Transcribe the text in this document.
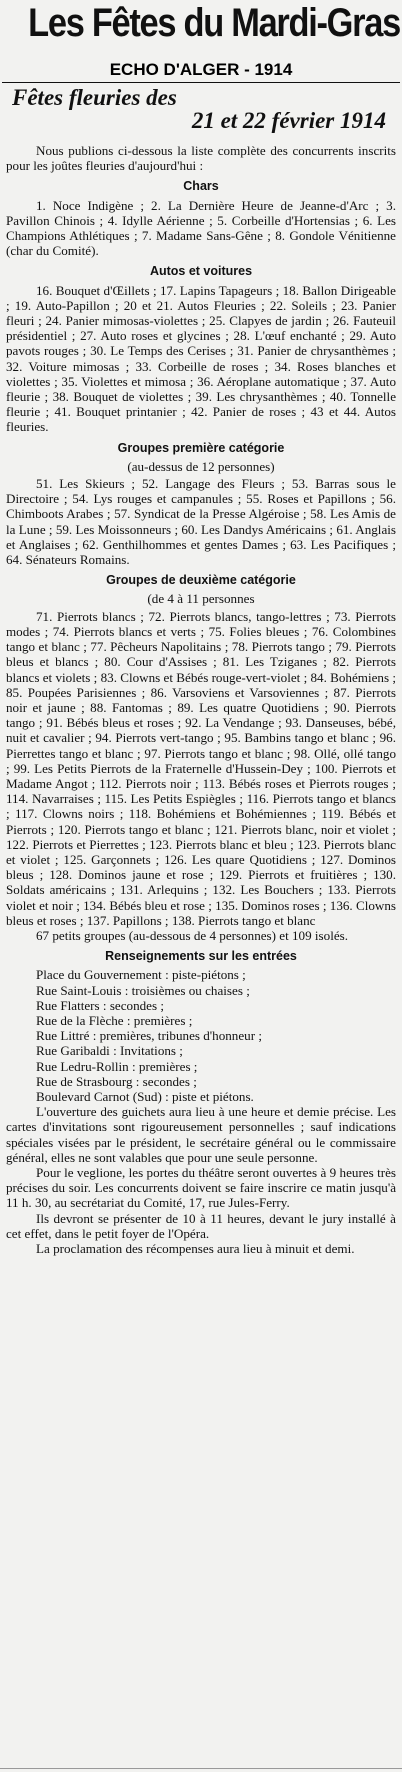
Les Fêtes du Mardi-Gras
ECHO D'ALGER - 1914
Fêtes fleuries des
21 et 22 février 1914

Nous publions ci-dessous la liste complète des concurrents inscrits pour les joûtes fleuries d'aujourd'hui :

Chars

1. Noce Indigène ; 2. La Dernière Heure de Jeanne-d'Arc ; 3. Pavillon Chinois ; 4. Idylle Aérienne ; 5. Corbeille d'Hortensias ; 6. Les Champions Athlétiques ; 7. Madame Sans-Gêne ; 8. Gondole Vénitienne (char du Comité).

Autos et voitures

16. Bouquet d'Œillets ; 17. Lapins Tapageurs ; 18. Ballon Dirigeable ; 19. Auto-Papillon ; 20 et 21. Autos Fleuries ; 22. Soleils ; 23. Panier fleuri ; 24. Panier mimosas-violettes ; 25. Clapyes de jardin ; 26. Fauteuil présidentiel ; 27. Auto roses et glycines ; 28. L'œuf enchanté ; 29. Auto pavots rouges ; 30. Le Temps des Cerises ; 31. Panier de chrysanthèmes ; 32. Voiture mimosas ; 33. Corbeille de roses ; 34. Roses blanches et violettes ; 35. Violettes et mimosa ; 36. Aéroplane automatique ; 37. Auto fleurie ; 38. Bouquet de violettes ; 39. Les chrysanthèmes ; 40. Tonnelle fleurie ; 41. Bouquet printanier ; 42. Panier de roses ; 43 et 44. Autos fleuries.

Groupes première catégorie
(au-dessus de 12 personnes)

51. Les Skieurs ; 52. Langage des Fleurs ; 53. Barras sous le Directoire ; 54. Lys rouges et campanules ; 55. Roses et Papillons ; 56. Chimboots Arabes ; 57. Syndicat de la Presse Algéroise ; 58. Les Amis de la Lune ; 59. Les Moissonneurs ; 60. Les Dandys Américains ; 61. Anglais et Anglaises ; 62. Genthilhommes et gentes Dames ; 63. Les Pacifiques ; 64. Sénateurs Romains.

Groupes de deuxième catégorie
(de 4 à 11 personnes

71. Pierrots blancs ; 72. Pierrots blancs, tango-lettres ; 73. Pierrots modes ; 74. Pierrots blancs et verts ; 75. Folies bleues ; 76. Colombines tango et blanc ; 77. Pêcheurs Napolitains ; 78. Pierrots tango ; 79. Pierrots bleus et blancs ; 80. Cour d'Assises ; 81. Les Tziganes ; 82. Pierrots blancs et violets ; 83. Clowns et Bébés rouge-vert-violet ; 84. Bohémiens ; 85. Poupées Parisiennes ; 86. Varsoviens et Varsoviennes ; 87. Pierrots noir et jaune ; 88. Fantomas ; 89. Les quatre Quotidiens ; 90. Pierrots tango ; 91. Bébés bleus et roses ; 92. La Vendange ; 93. Danseuses, bébé, nuit et cavalier ; 94. Pierrots vert-tango ; 95. Bambins tango et blanc ; 96. Pierrettes tango et blanc ; 97. Pierrots tango et blanc ; 98. Ollé, ollé tango ; 99. Les Petits Pierrots de la Fraternelle d'Hussein-Dey ; 100. Pierrots et Madame Angot ; 112. Pierrots noir ; 113. Bébés roses et Pierrots rouges ; 114. Navarraises ; 115. Les Petits Espiègles ; 116. Pierrots tango et blancs ; 117. Clowns noirs ; 118. Bohémiens et Bohémiennes ; 119. Bébés et Pierrots ; 120. Pierrots tango et blanc ; 121. Pierrots blanc, noir et violet ; 122. Pierrots et Pierrettes ; 123. Pierrots blanc et bleu ; 123. Pierrots blanc et violet ; 125. Garçonnets ; 126. Les quare Quotidiens ; 127. Dominos bleus ; 128. Dominos jaune et rose ; 129. Pierrots et fruitières ; 130. Soldats américains ; 131. Arlequins ; 132. Les Bouchers ; 133. Pierrots violet et noir ; 134. Bébés bleu et rose ; 135. Dominos roses ; 136. Clowns bleus et roses ; 137. Papillons ; 138. Pierrots tango et blanc

67 petits groupes (au-dessous de 4 personnes) et 109 isolés.

Renseignements sur les entrées

Place du Gouvernement : piste-piétons ;

Rue Saint-Louis : troisièmes ou chaises ;

Rue Flatters : secondes ;

Rue de la Flèche : premières ;

Rue Littré : premières, tribunes d'honneur ;

Rue Garibaldi : Invitations ;

Rue Ledru-Rollin : premières ;

Rue de Strasbourg : secondes ;

Boulevard Carnot (Sud) : piste et piétons.

L'ouverture des guichets aura lieu à une heure et demie précise. Les cartes d'invitations sont rigoureusement personnelles ; sauf indications spéciales visées par le président, le secrétaire général ou le commissaire général, elles ne sont valables que pour une seule personne.

Pour le veglione, les portes du théâtre seront ouvertes à 9 heures très précises du soir. Les concurrents doivent se faire inscrire ce matin jusqu'à 11 h. 30, au secrétariat du Comité, 17, rue Jules-Ferry.

Ils devront se présenter de 10 à 11 heures, devant le jury installé à cet effet, dans le petit foyer de l'Opéra.

La proclamation des récompenses aura lieu à minuit et demi.
